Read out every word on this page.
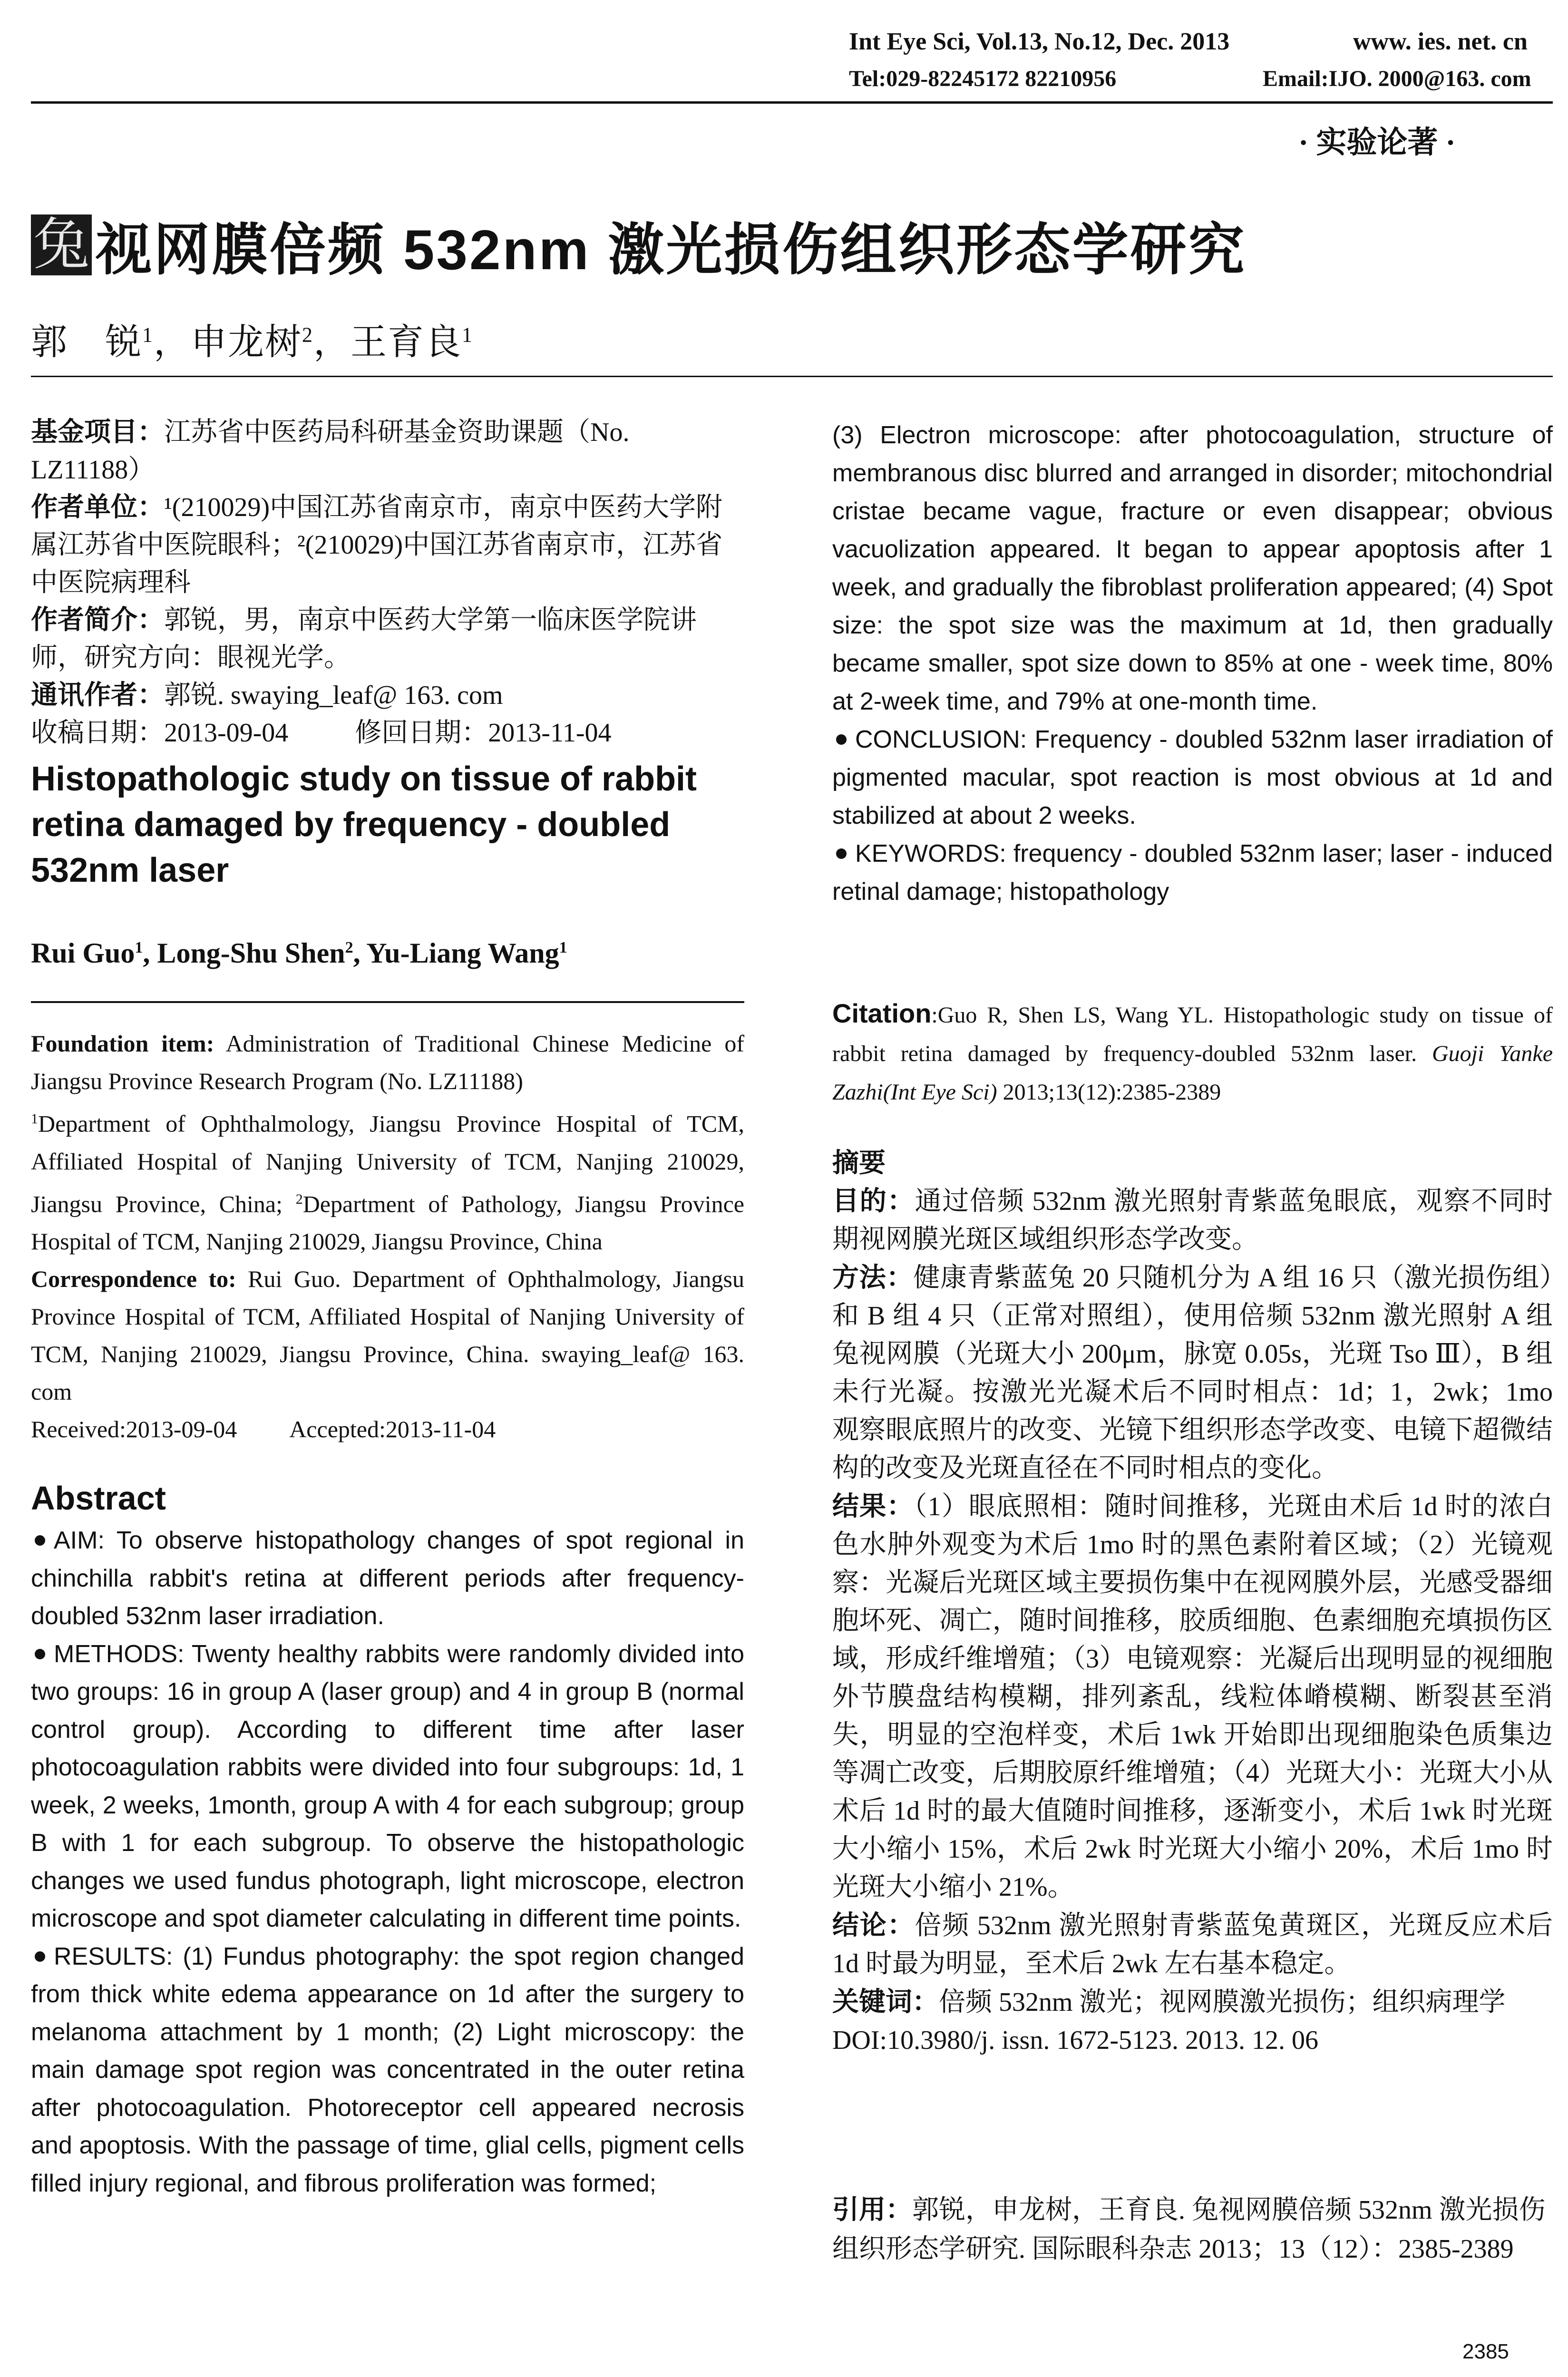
Int Eye Sci, Vol.13, No.12, Dec. 2013	www. ies. net. cn
Tel:029-82245172 82210956	Email:IJO. 2000@163. com
· 实验论著 ·
兔 视网膜倍频 532nm 激光损伤组织形态学研究
郭　锐$^1$，申龙树$^2$，王育良$^1$

基金项目：江苏省中医药局科研基金资助课题（No. LZ11188）

作者单位：¹(210029)中国江苏省南京市，南京中医药大学附属江苏省中医院眼科；²(210029)中国江苏省南京市，江苏省中医院病理科

作者简介：郭锐，男，南京中医药大学第一临床医学院讲师，研究方向：眼视光学。

通讯作者：郭锐. swaying_leaf@ 163. com

收稿日期：2013-09-04	修回日期：2013-11-04

Histopathologic study on tissue of rabbit retina damaged by frequency - doubled 532nm laser
Rui Guo$^1$, Long-Shu Shen$^2$, Yu-Liang Wang$^1$

Foundation item: Administration of Traditional Chinese Medicine of Jiangsu Province Research Program (No. LZ11188)

$^1$Department of Ophthalmology, Jiangsu Province Hospital of TCM, Affiliated Hospital of Nanjing University of TCM, Nanjing 210029, Jiangsu Province, China; $^2$Department of Pathology, Jiangsu Province Hospital of TCM, Nanjing 210029, Jiangsu Province, China

Correspondence to: Rui Guo. Department of Ophthalmology, Jiangsu Province Hospital of TCM, Affiliated Hospital of Nanjing University of TCM, Nanjing 210029, Jiangsu Province, China. swaying_leaf@ 163. com

Received:2013-09-04 Accepted:2013-11-04

Abstract

AIM: To observe histopathology changes of spot regional in chinchilla rabbit's retina at different periods after frequency-doubled 532nm laser irradiation.

METHODS: Twenty healthy rabbits were randomly divided into two groups: 16 in group A (laser group) and 4 in group B (normal control group). According to different time after laser photocoagulation rabbits were divided into four subgroups: 1d, 1 week, 2 weeks, 1month, group A with 4 for each subgroup; group B with 1 for each subgroup. To observe the histopathologic changes we used fundus photograph, light microscope, electron microscope and spot diameter calculating in different time points.

RESULTS: (1) Fundus photography: the spot region changed from thick white edema appearance on 1d after the surgery to melanoma attachment by 1 month; (2) Light microscopy: the main damage spot region was concentrated in the outer retina after photocoagulation. Photoreceptor cell appeared necrosis and apoptosis. With the passage of time, glial cells, pigment cells filled injury regional, and fibrous proliferation was formed;

(3) Electron microscope: after photocoagulation, structure of membranous disc blurred and arranged in disorder; mitochondrial cristae became vague, fracture or even disappear; obvious vacuolization appeared. It began to appear apoptosis after 1 week, and gradually the fibroblast proliferation appeared; (4) Spot size: the spot size was the maximum at 1d, then gradually became smaller, spot size down to 85% at one - week time, 80% at 2-week time, and 79% at one-month time.

CONCLUSION: Frequency - doubled 532nm laser irradiation of pigmented macular, spot reaction is most obvious at 1d and stabilized at about 2 weeks.

KEYWORDS: frequency - doubled 532nm laser; laser - induced retinal damage; histopathology

Citation:Guo R, Shen LS, Wang YL. Histopathologic study on tissue of rabbit retina damaged by frequency-doubled 532nm laser. Guoji Yanke Zazhi(Int Eye Sci) 2013;13(12):2385-2389

摘要

目的：通过倍频 532nm 激光照射青紫蓝兔眼底，观察不同时期视网膜光斑区域组织形态学改变。

方法：健康青紫蓝兔 20 只随机分为 A 组 16 只（激光损伤组）和 B 组 4 只（正常对照组），使用倍频 532nm 激光照射 A 组兔视网膜（光斑大小 200μm，脉宽 0.05s，光斑 Tso Ⅲ），B 组未行光凝。按激光光凝术后不同时相点：1d；1，2wk；1mo 观察眼底照片的改变、光镜下组织形态学改变、电镜下超微结构的改变及光斑直径在不同时相点的变化。

结果：（1）眼底照相：随时间推移，光斑由术后 1d 时的浓白色水肿外观变为术后 1mo 时的黑色素附着区域；（2）光镜观察：光凝后光斑区域主要损伤集中在视网膜外层，光感受器细胞坏死、凋亡，随时间推移，胶质细胞、色素细胞充填损伤区域，形成纤维增殖；（3）电镜观察：光凝后出现明显的视细胞外节膜盘结构模糊，排列紊乱，线粒体嵴模糊、断裂甚至消失，明显的空泡样变，术后 1wk 开始即出现细胞染色质集边等凋亡改变，后期胶原纤维增殖；（4）光斑大小：光斑大小从术后 1d 时的最大值随时间推移，逐渐变小，术后 1wk 时光斑大小缩小 15%，术后 2wk 时光斑大小缩小 20%，术后 1mo 时光斑大小缩小 21%。

结论：倍频 532nm 激光照射青紫蓝兔黄斑区，光斑反应术后 1d 时最为明显，至术后 2wk 左右基本稳定。

关键词：倍频 532nm 激光；视网膜激光损伤；组织病理学

DOI:10.3980/j. issn. 1672-5123. 2013. 12. 06

引用：郭锐，申龙树，王育良. 兔视网膜倍频 532nm 激光损伤组织形态学研究. 国际眼科杂志 2013；13（12）：2385-2389
2385
